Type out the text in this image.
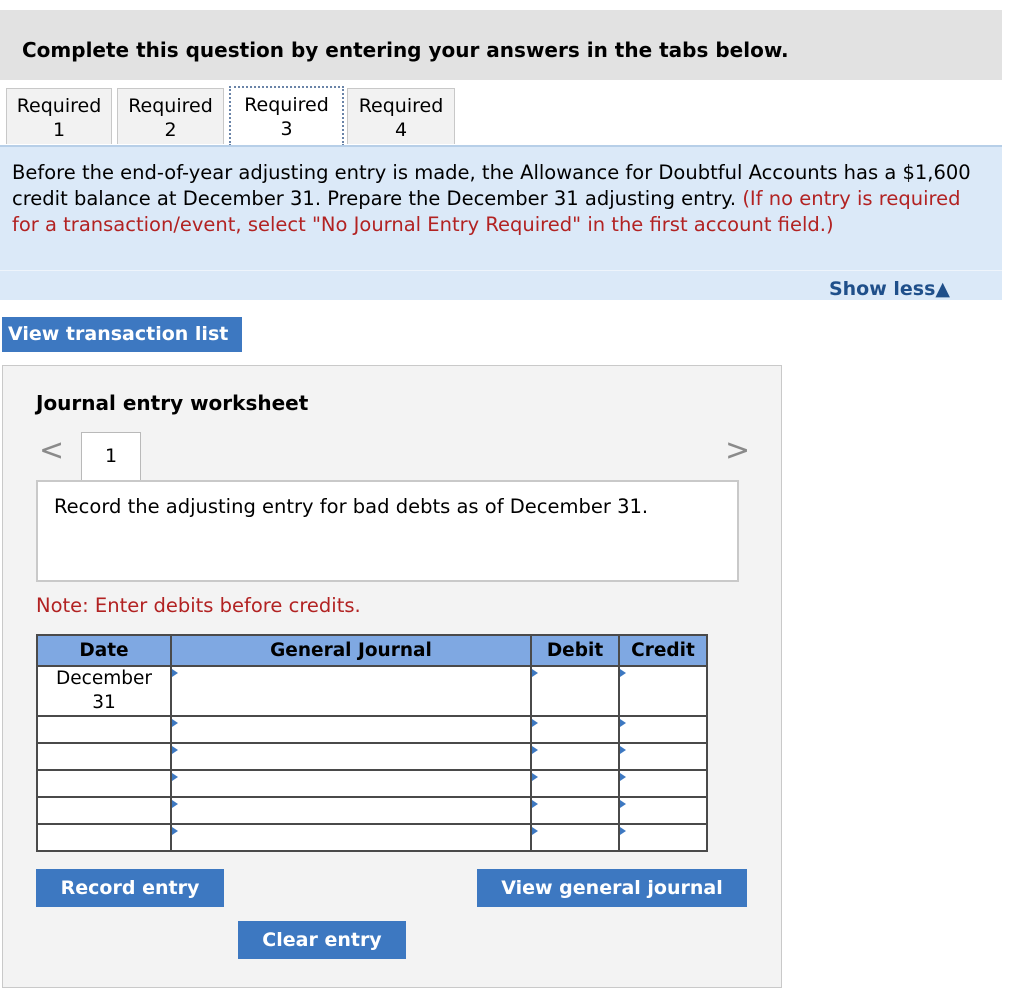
Complete this question by entering your answers in the tabs below.
Required
1
Required
2
Required
3
Required
4
Before the end-of-year adjusting entry is made, the Allowance for Doubtful Accounts has a $1,600 credit balance at December 31. Prepare the December 31 adjusting entry. (If no entry is required for a transaction/event, select "No Journal Entry Required" in the first account field.)
Show less▲
View transaction list
Journal entry worksheet
<	1	>
Record the adjusting entry for bad debts as of December 31.
Note: Enter debits before credits.
Date	General Journal	Debit	Credit

December
31			

Record entry	View general journal
Clear entry
